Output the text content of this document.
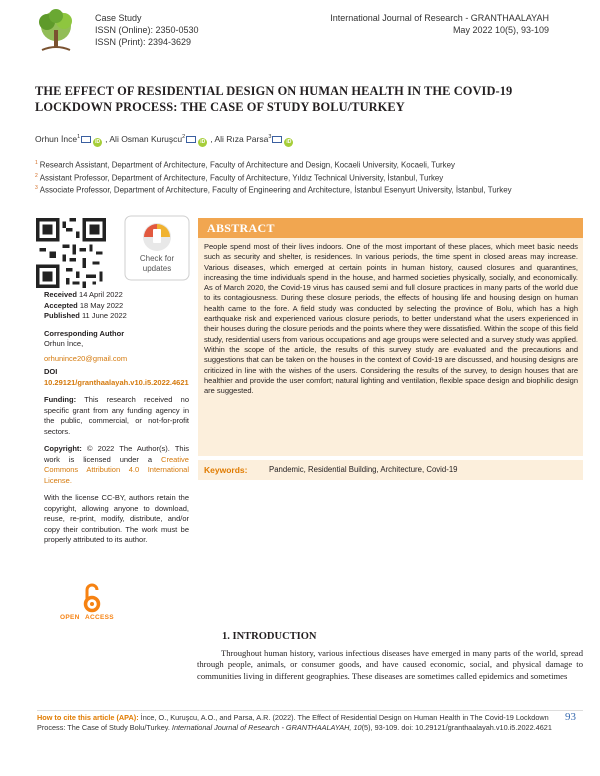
Case Study
ISSN (Online): 2350-0530
ISSN (Print): 2394-3629
International Journal of Research - GRANTHAALAYAH
May 2022 10(5), 93-109
THE EFFECT OF RESIDENTIAL DESIGN ON HUMAN HEALTH IN THE COVID-19 LOCKDOWN PROCESS: THE CASE OF STUDY BOLU/TURKEY
Orhun İnce$^1$iD , Ali Osman Kuruşcu$^2$iD , Ali Rıza Parsa$^3$iD
$^1$ Research Assistant, Department of Architecture, Faculty of Architecture and Design, Kocaeli University, Kocaeli, Turkey
$^2$ Assistant Professor, Department of Architecture, Faculty of Architecture, Yıldız Technical University, İstanbul, Turkey
$^3$ Associate Professor, Department of Architecture, Faculty of Engineering and Architecture, İstanbul Esenyurt University, İstanbul, Turkey
Check for
updates

Received 14 April 2022

Accepted 18 May 2022

Published 11 June 2022

Corresponding Author

Orhun İnce,

orhunince20@gmail.com

DOI

10.29121/granthaalayah.v10.i5.2022.4621

Funding: This research received no specific grant from any funding agency in the public, commercial, or not-for-profit sectors.

Copyright: © 2022 The Author(s). This work is licensed under a Creative Commons Attribution 4.0 International License.

With the license CC-BY, authors retain the copyright, allowing anyone to download, reuse, re-print, modify, distribute, and/or copy their contribution. The work must be properly attributed to its author.

OPEN ACCESS
ABSTRACT
People spend most of their lives indoors. One of the most important of these places, which meet basic needs such as security and shelter, is residences. In various periods, the time spent in closed areas may increase. Various diseases, which emerged at certain points in human history, caused closures and quarantines, increasing the time individuals spend in the house, and harmed societies physically, socially, and economically. As of March 2020, the Covid-19 virus has caused semi and full closure practices in many parts of the world due to its contagiousness. During these closure periods, the effects of housing life and housing design on human health came to the fore. A field study was conducted by selecting the province of Bolu, which has a high earthquake risk and experienced various closure periods, to better understand what the users experienced in their houses during the closure periods and the points where they were dissatisfied. Within the scope of this field study, residential users from various occupations and age groups were selected and a survey study was applied. Within the scope of the article, the results of this survey study are evaluated and the precautions and suggestions that can be taken on the houses in the context of Covid-19 are discussed, and housing designs are criticized in line with the wishes of the users. Considering the results of the survey, to design houses that are healthier and provide the user comfort; natural lighting and ventilation, flexible space design and biophilic design are suggested.
Keywords:	Pandemic, Residential Building, Architecture, Covid-19
1. INTRODUCTION

Throughout human history, various infectious diseases have emerged in many parts of the world, spread through people, animals, or consumer goods, and have caused economic, social, and physical damage to communities living in different geographies. These diseases are sometimes called epidemics and sometimes

How to cite this article (APA): İnce, O., Kuruşcu, A.O., and Parsa, A.R. (2022). The Effect of Residential Design on Human Health in The Covid-19 Lockdown Process: The Case of Study Bolu/Turkey. International Journal of Research - GRANTHAALAYAH, 10(5), 93-109. doi: 10.29121/granthaalayah.v10.i5.2022.4621
93
